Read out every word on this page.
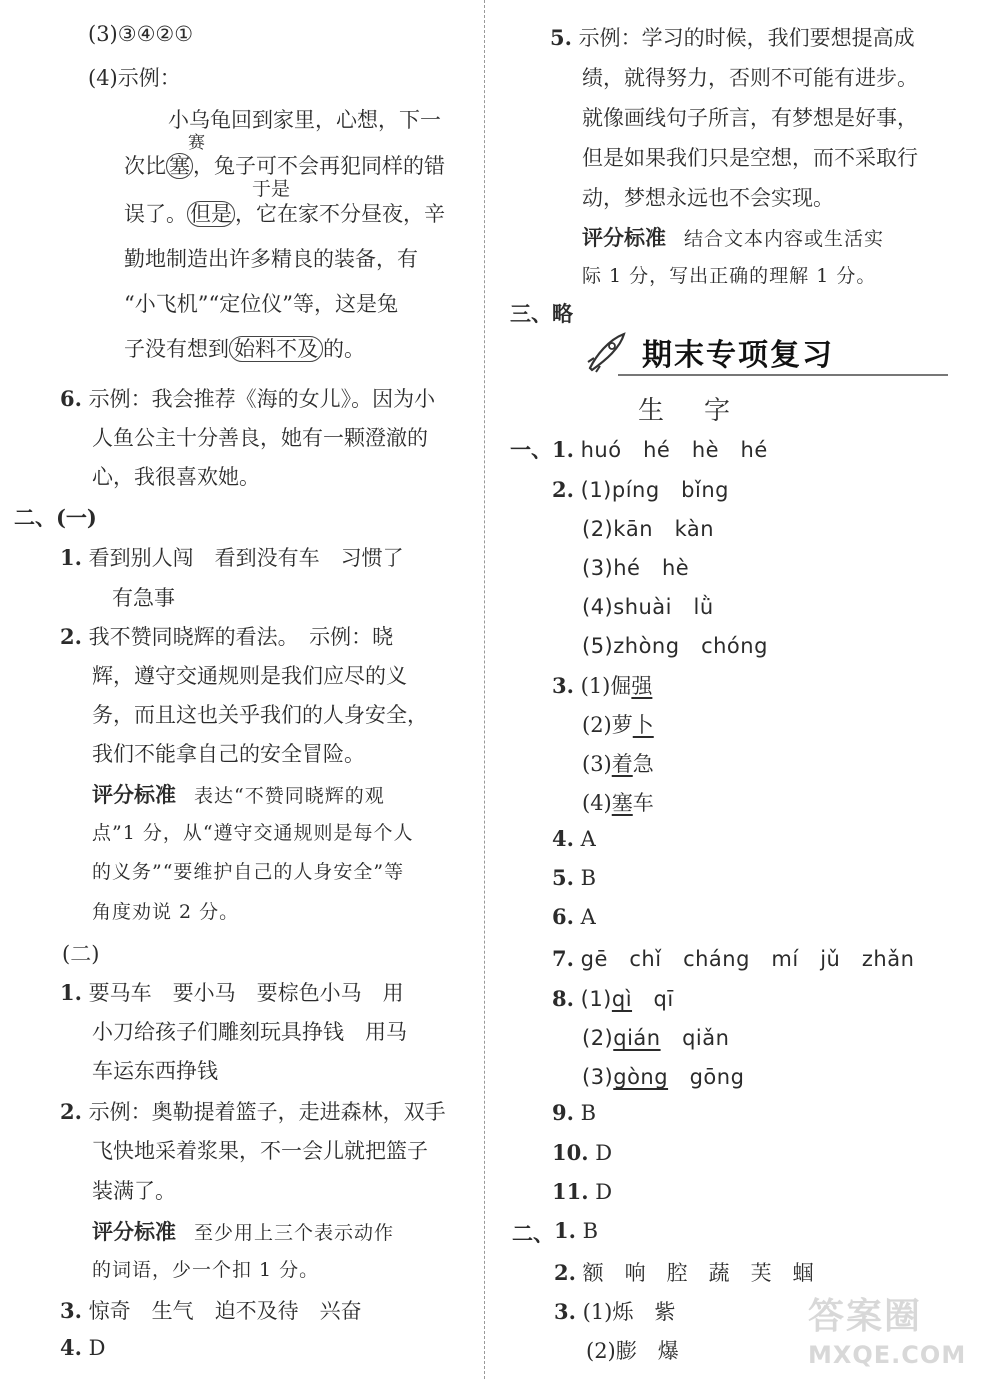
(3)③④②①
(4)示例：
小乌龟回到家里，心想，下一
赛
次比 塞 ，兔子可不会再犯同样的错
于是
误了。 但是 ，它在家不分昼夜，辛
勤地制造出许多精良的装备，有
“小飞机”“定位仪”等，这是兔
子没有想到 始料不及 的。
6. 示例：我会推荐《海的女儿》。因为小
人鱼公主十分善良，她有一颗澄澈的
心，我很喜欢她。
二、(一)
1. 看到别人闯　看到没有车　习惯了
有急事
2. 我不赞同晓辉的看法。　示例：晓
辉，遵守交通规则是我们应尽的义
务，而且这也关乎我们的人身安全，
我们不能拿自己的安全冒险。
评分标准 表达“不赞同晓辉的观
点”1 分，从“遵守交通规则是每个人
的义务”“要维护自己的人身安全”等
角度劝说 2 分。
(二)
1. 要马车　要小马　要棕色小马　用
小刀给孩子们雕刻玩具挣钱　用马
车运东西挣钱
2. 示例：奥勒提着篮子，走进森林，双手
飞快地采着浆果，不一会儿就把篮子
装满了。
评分标准 至少用上三个表示动作
的词语，少一个扣 1 分。
3. 惊奇　生气　迫不及待　兴奋
4. D
5. 示例：学习的时候，我们要想提高成
绩，就得努力，否则不可能有进步。
就像画线句子所言，有梦想是好事，
但是如果我们只是空想，而不采取行
动，梦想永远也不会实现。
评分标准 结合文本内容或生活实
际 1 分，写出正确的理解 1 分。
三、略
期末专项复习
生字
一、 1. huó　hé　hè　hé
2. (1)píng　bǐng
(2)kān　kàn
(3)hé　hè
(4)shuài　lǜ
(5)zhòng　chóng
3. (1)倔强
(2)萝卜
(3)着急
(4)塞车
4. A
5. B
6. A
7. gē　chǐ　cháng　mí　jǔ　zhǎn
8. (1)qì　qī
(2)qián　qiǎn
(3)gòng　gōng
9. B
10. D
11. D
二、 1. B
2. 额　响　腔　蔬　芙　蝈
3. (1)烁　紫
(2)膨　爆
答案圈
MXQE.COM
